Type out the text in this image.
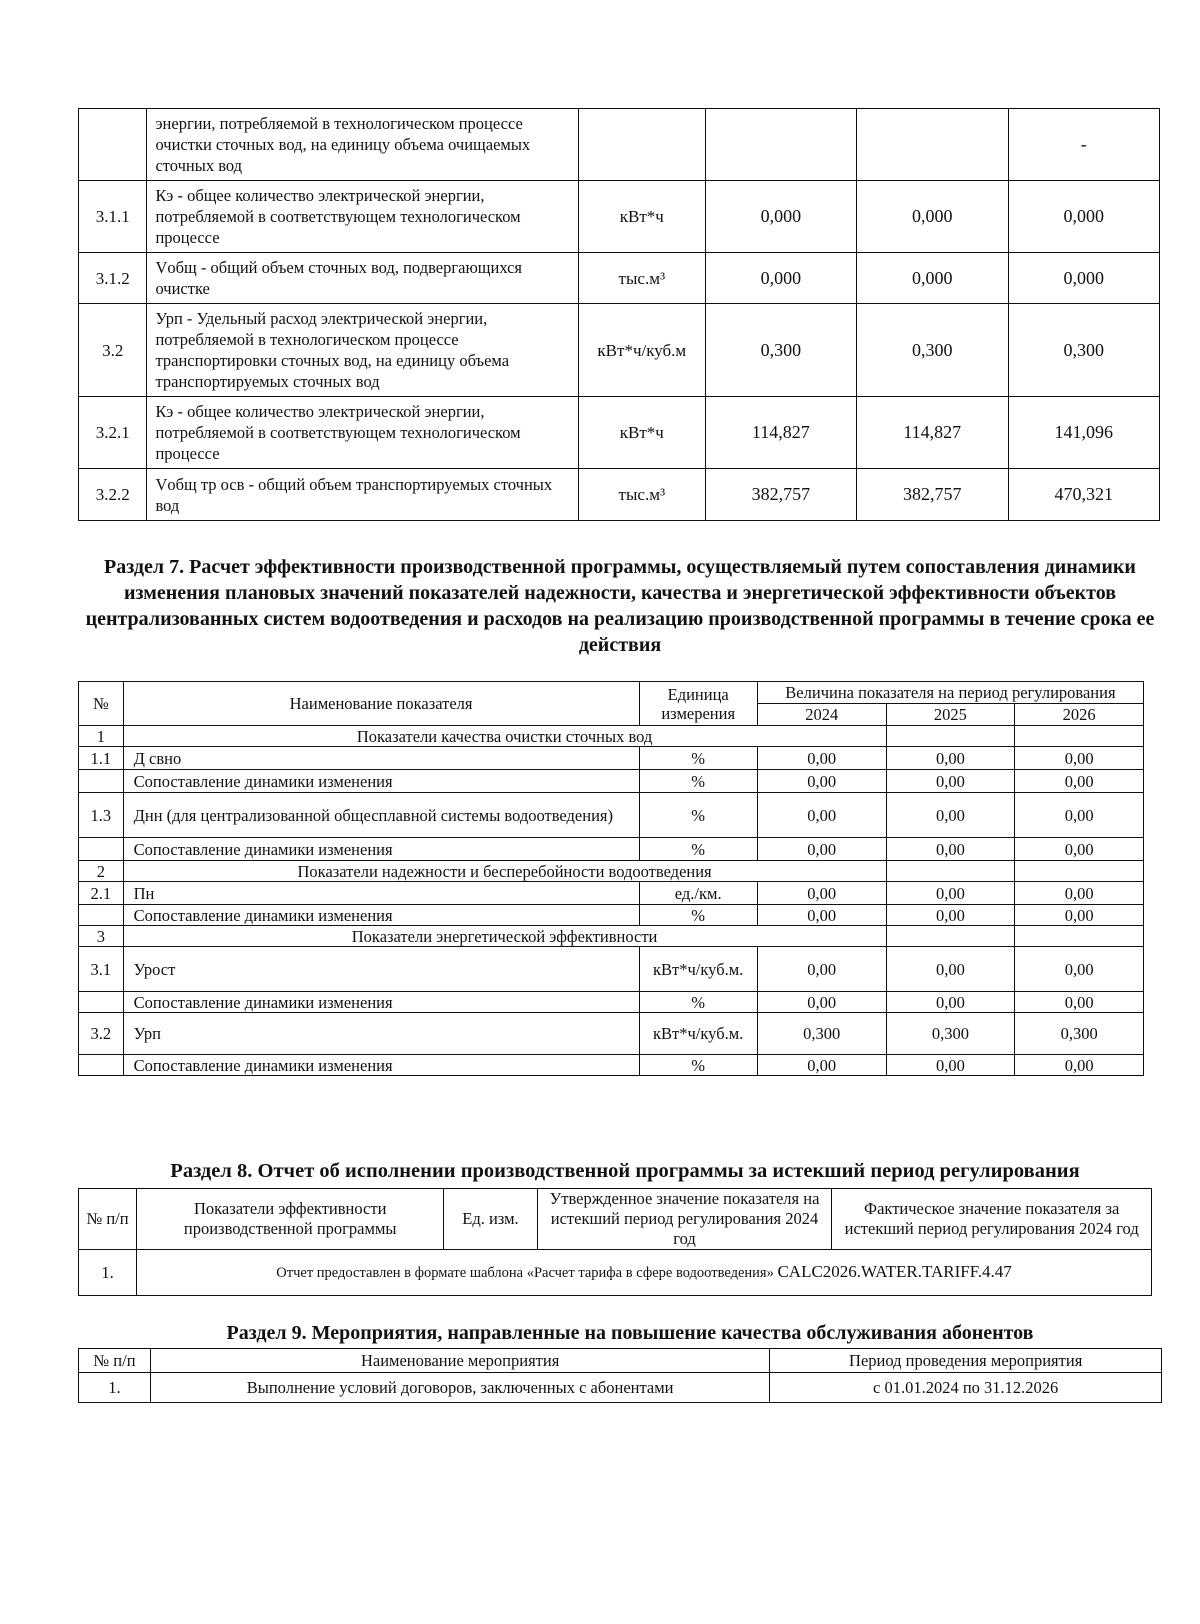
	энергии, потребляемой в технологическом процессе очистки сточных вод, на единицу объема очищаемых сточных вод				-
3.1.1	Кэ - общее количество электрической энергии, потребляемой в соответствующем технологическом процессе	кВт*ч	0,000	0,000	0,000
3.1.2	Vобщ - общий объем сточных вод, подвергающихся очистке	тыс.м³	0,000	0,000	0,000
3.2	Урп - Удельный расход электрической энергии, потребляемой в технологическом процессе транспортировки сточных вод, на единицу объема транспортируемых сточных вод	кВт*ч/куб.м	0,300	0,300	0,300
3.2.1	Кэ - общее количество электрической энергии, потребляемой в соответствующем технологическом процессе	кВт*ч	114,827	114,827	141,096
3.2.2	Vобщ тр осв - общий объем транспортируемых сточных вод	тыс.м³	382,757	382,757	470,321
Раздел 7. Расчет эффективности производственной программы, осуществляемый путем сопоставления динамики изменения плановых значений показателей надежности, качества и энергетической эффективности объектов централизованных систем водоотведения и расходов на реализацию производственной программы в течение срока ее действия
№	Наименование показателя	Единица измерения	Величина показателя на период регулирования		
			2024	2025	2026
1	Показатели качества очистки сточных вод				
1.1	Д свно	%	0,00	0,00	0,00
	Сопоставление динамики изменения	%	0,00	0,00	0,00
1.3	Днн (для централизованной общесплавной системы водоотведения)	%	0,00	0,00	0,00
	Сопоставление динамики изменения	%	0,00	0,00	0,00
2	Показатели надежности и бесперебойности водоотведения				
2.1	Пн	ед./км.	0,00	0,00	0,00
	Сопоставление динамики изменения	%	0,00	0,00	0,00
3	Показатели энергетической эффективности				
3.1	Урост	кВт*ч/куб.м.	0,00	0,00	0,00
	Сопоставление динамики изменения	%	0,00	0,00	0,00
3.2	Урп	кВт*ч/куб.м.	0,300	0,300	0,300
	Сопоставление динамики изменения	%	0,00	0,00	0,00
Раздел 8. Отчет об исполнении производственной программы за истекший период регулирования
№ п/п	Показатели эффективности производственной программы	Ед. изм.	Утвержденное значение показателя на истекший период регулирования 2024 год	Фактическое значение показателя за истекший период регулирования 2024 год
1.	Отчет предоставлен в формате шаблона «Расчет тарифа в сфере водоотведения» CALC2026.WATER.TARIFF.4.47			
Раздел 9. Мероприятия, направленные на повышение качества обслуживания абонентов
№ п/п	Наименование мероприятия	Период проведения мероприятия
1.	Выполнение условий договоров, заключенных с абонентами	с 01.01.2024 по 31.12.2026
